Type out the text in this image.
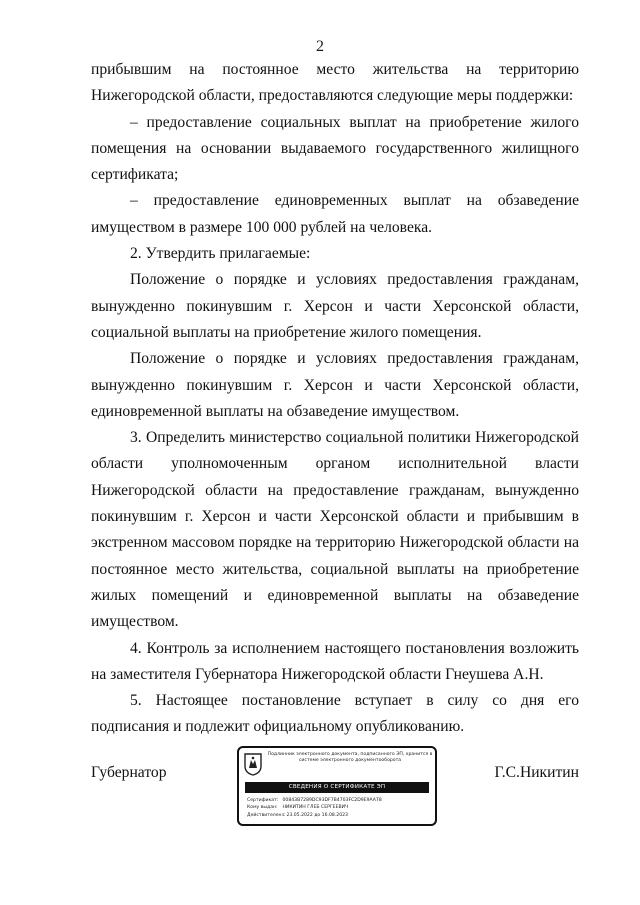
2

прибывшим на постоянное место жительства на территорию Нижегородской области, предоставляются следующие меры поддержки:

– предоставление социальных выплат на приобретение жилого помещения на основании выдаваемого государственного жилищного сертификата;

– предоставление единовременных выплат на обзаведение имуществом в размере 100 000 рублей на человека.

2. Утвердить прилагаемые:

Положение о порядке и условиях предоставления гражданам, вынужденно покинувшим г. Херсон и части Херсонской области, социальной выплаты на приобретение жилого помещения.

Положение о порядке и условиях предоставления гражданам, вынужденно покинувшим г. Херсон и части Херсонской области, единовременной выплаты на обзаведение имуществом.

3. Определить министерство социальной политики Нижегородской области уполномоченным органом исполнительной власти Нижегородской области на предоставление гражданам, вынужденно покинувшим г. Херсон и части Херсонской области и прибывшим в экстренном массовом порядке на территорию Нижегородской области на постоянное место жительства, социальной выплаты на приобретение жилых помещений и единовременной выплаты на обзаведение имуществом.

4. Контроль за исполнением настоящего постановления возложить на заместителя Губернатора Нижегородской области Гнеушева А.Н.

5. Настоящее постановление вступает в силу со дня его подписания и подлежит официальному опубликованию.

Губернатор
Подлинник электронного документа, подписанного ЭП, хранится в системе электронного документооборота
СВЕДЕНИЯ О СЕРТИФИКАТЕ ЭП
Сертификат: 00843B7289DC93DF7B4703FC2D9E9AA78
Кому выдан: НИКИТИН ГЛЕБ СЕРГЕЕВИЧ
Действителен: с 23.05.2022 до 16.08.2023
Г.С.Никитин
